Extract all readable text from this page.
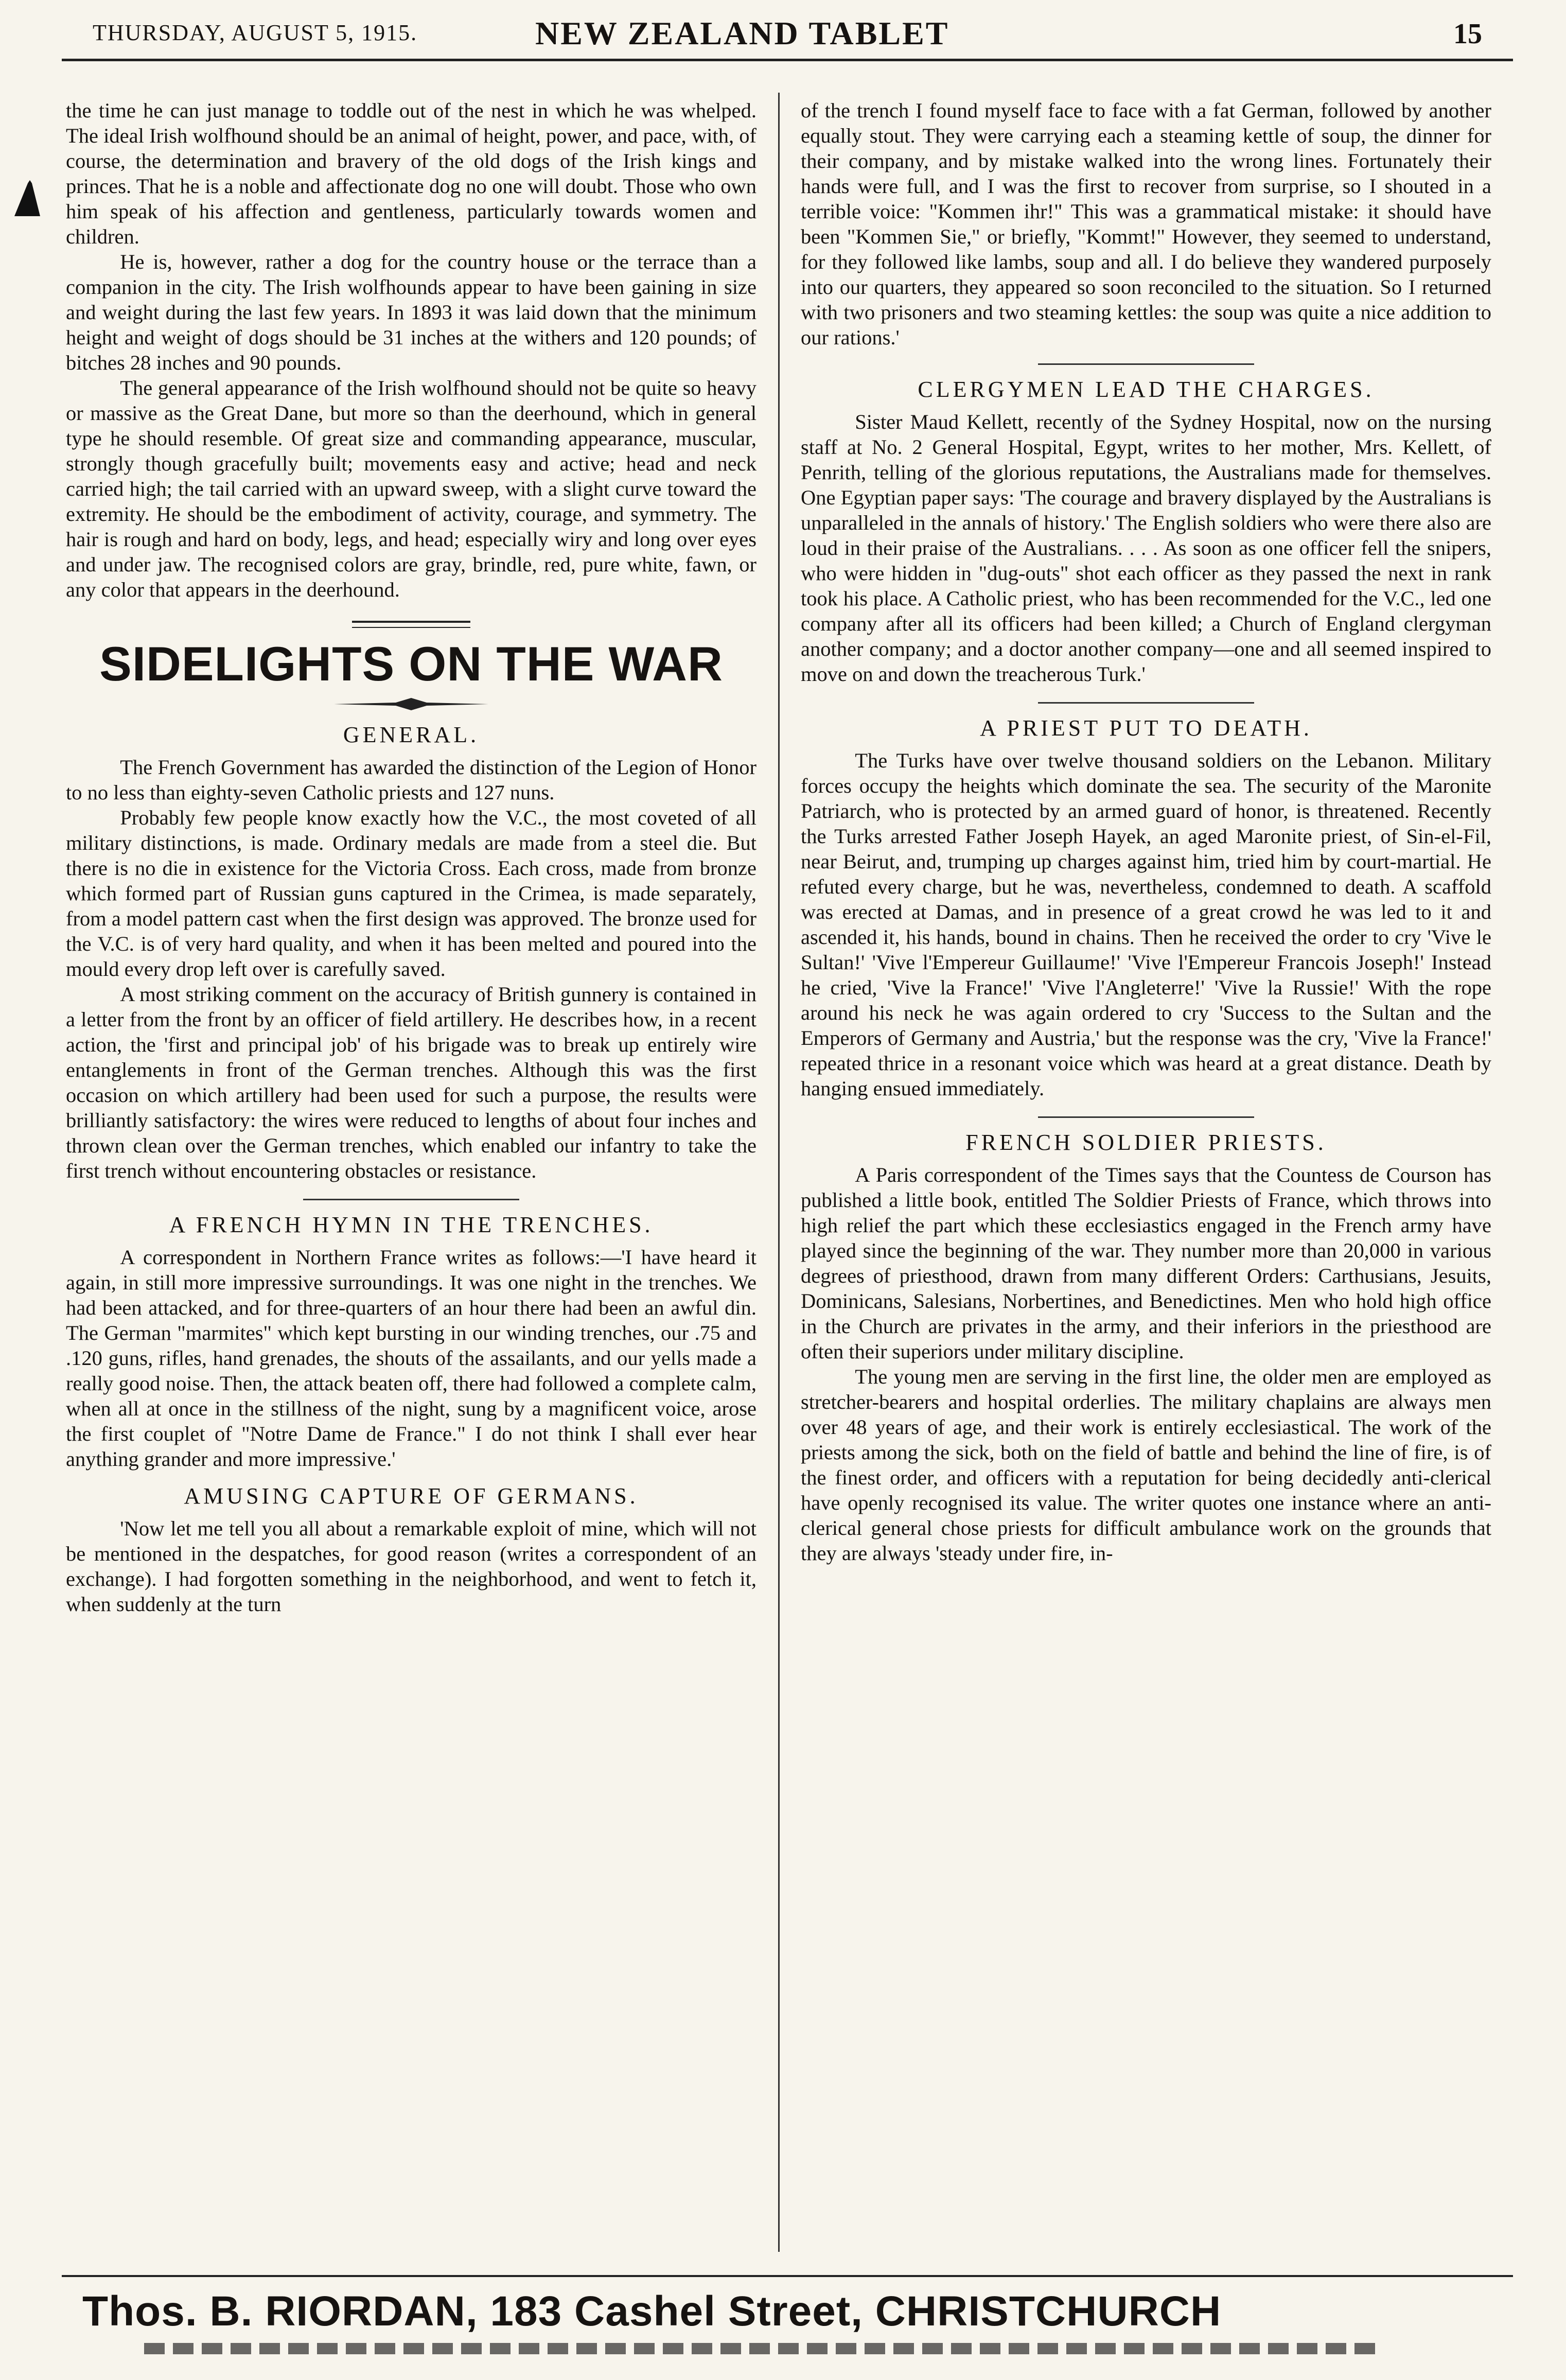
THURSDAY, AUGUST 5, 1915.	NEW ZEALAND TABLET	15

the time he can just manage to toddle out of the nest in which he was whelped. The ideal Irish wolfhound should be an animal of height, power, and pace, with, of course, the determination and bravery of the old dogs of the Irish kings and princes. That he is a noble and affectionate dog no one will doubt. Those who own him speak of his affection and gentleness, particularly towards women and children.

He is, however, rather a dog for the country house or the terrace than a companion in the city. The Irish wolfhounds appear to have been gaining in size and weight during the last few years. In 1893 it was laid down that the minimum height and weight of dogs should be 31 inches at the withers and 120 pounds; of bitches 28 inches and 90 pounds.

The general appearance of the Irish wolfhound should not be quite so heavy or massive as the Great Dane, but more so than the deerhound, which in general type he should resemble. Of great size and commanding appearance, muscular, strongly though gracefully built; movements easy and active; head and neck carried high; the tail carried with an upward sweep, with a slight curve toward the extremity. He should be the embodiment of activity, courage, and symmetry. The hair is rough and hard on body, legs, and head; especially wiry and long over eyes and under jaw. The recognised colors are gray, brindle, red, pure white, fawn, or any color that appears in the deerhound.

SIDELIGHTS ON THE WAR
GENERAL.

The French Government has awarded the distinction of the Legion of Honor to no less than eighty-seven Catholic priests and 127 nuns.

Probably few people know exactly how the V.C., the most coveted of all military distinctions, is made. Ordinary medals are made from a steel die. But there is no die in existence for the Victoria Cross. Each cross, made from bronze which formed part of Russian guns captured in the Crimea, is made separately, from a model pattern cast when the first design was approved. The bronze used for the V.C. is of very hard quality, and when it has been melted and poured into the mould every drop left over is carefully saved.

A most striking comment on the accuracy of British gunnery is contained in a letter from the front by an officer of field artillery. He describes how, in a recent action, the 'first and principal job' of his brigade was to break up entirely wire entanglements in front of the German trenches. Although this was the first occasion on which artillery had been used for such a purpose, the results were brilliantly satisfactory: the wires were reduced to lengths of about four inches and thrown clean over the German trenches, which enabled our infantry to take the first trench without encountering obstacles or resistance.

A FRENCH HYMN IN THE TRENCHES.

A correspondent in Northern France writes as follows:—'I have heard it again, in still more impressive surroundings. It was one night in the trenches. We had been attacked, and for three-quarters of an hour there had been an awful din. The German "marmites" which kept bursting in our winding trenches, our .75 and .120 guns, rifles, hand grenades, the shouts of the assailants, and our yells made a really good noise. Then, the attack beaten off, there had followed a complete calm, when all at once in the stillness of the night, sung by a magnificent voice, arose the first couplet of "Notre Dame de France." I do not think I shall ever hear anything grander and more impressive.'

AMUSING CAPTURE OF GERMANS.

'Now let me tell you all about a remarkable exploit of mine, which will not be mentioned in the despatches, for good reason (writes a correspondent of an exchange). I had forgotten something in the neighborhood, and went to fetch it, when suddenly at the turn

of the trench I found myself face to face with a fat German, followed by another equally stout. They were carrying each a steaming kettle of soup, the dinner for their company, and by mistake walked into the wrong lines. Fortunately their hands were full, and I was the first to recover from surprise, so I shouted in a terrible voice: "Kommen ihr!" This was a grammatical mistake: it should have been "Kommen Sie," or briefly, "Kommt!" However, they seemed to understand, for they followed like lambs, soup and all. I do believe they wandered purposely into our quarters, they appeared so soon reconciled to the situation. So I returned with two prisoners and two steaming kettles: the soup was quite a nice addition to our rations.'

CLERGYMEN LEAD THE CHARGES.

Sister Maud Kellett, recently of the Sydney Hospital, now on the nursing staff at No. 2 General Hospital, Egypt, writes to her mother, Mrs. Kellett, of Penrith, telling of the glorious reputations, the Australians made for themselves. One Egyptian paper says: 'The courage and bravery displayed by the Australians is unparalleled in the annals of history.' The English soldiers who were there also are loud in their praise of the Australians. . . . As soon as one officer fell the snipers, who were hidden in "dug-outs" shot each officer as they passed the next in rank took his place. A Catholic priest, who has been recommended for the V.C., led one company after all its officers had been killed; a Church of England clergyman another company; and a doctor another company—one and all seemed inspired to move on and down the treacherous Turk.'

A PRIEST PUT TO DEATH.

The Turks have over twelve thousand soldiers on the Lebanon. Military forces occupy the heights which dominate the sea. The security of the Maronite Patriarch, who is protected by an armed guard of honor, is threatened. Recently the Turks arrested Father Joseph Hayek, an aged Maronite priest, of Sin-el-Fil, near Beirut, and, trumping up charges against him, tried him by court-martial. He refuted every charge, but he was, nevertheless, condemned to death. A scaffold was erected at Damas, and in presence of a great crowd he was led to it and ascended it, his hands, bound in chains. Then he received the order to cry 'Vive le Sultan!' 'Vive l'Empereur Guillaume!' 'Vive l'Empereur Francois Joseph!' Instead he cried, 'Vive la France!' 'Vive l'Angleterre!' 'Vive la Russie!' With the rope around his neck he was again ordered to cry 'Success to the Sultan and the Emperors of Germany and Austria,' but the response was the cry, 'Vive la France!' repeated thrice in a resonant voice which was heard at a great distance. Death by hanging ensued immediately.

FRENCH SOLDIER PRIESTS.

A Paris correspondent of the Times says that the Countess de Courson has published a little book, entitled The Soldier Priests of France, which throws into high relief the part which these ecclesiastics engaged in the French army have played since the beginning of the war. They number more than 20,000 in various degrees of priesthood, drawn from many different Orders: Carthusians, Jesuits, Dominicans, Salesians, Norbertines, and Benedictines. Men who hold high office in the Church are privates in the army, and their inferiors in the priesthood are often their superiors under military discipline.

The young men are serving in the first line, the older men are employed as stretcher-bearers and hospital orderlies. The military chaplains are always men over 48 years of age, and their work is entirely ecclesiastical. The work of the priests among the sick, both on the field of battle and behind the line of fire, is of the finest order, and officers with a reputation for being decidedly anti-clerical have openly recognised its value. The writer quotes one instance where an anti-clerical general chose priests for difficult ambulance work on the grounds that they are always 'steady under fire, in-

Thos. B. RIORDAN, 183 Cashel Street, CHRISTCHURCH
